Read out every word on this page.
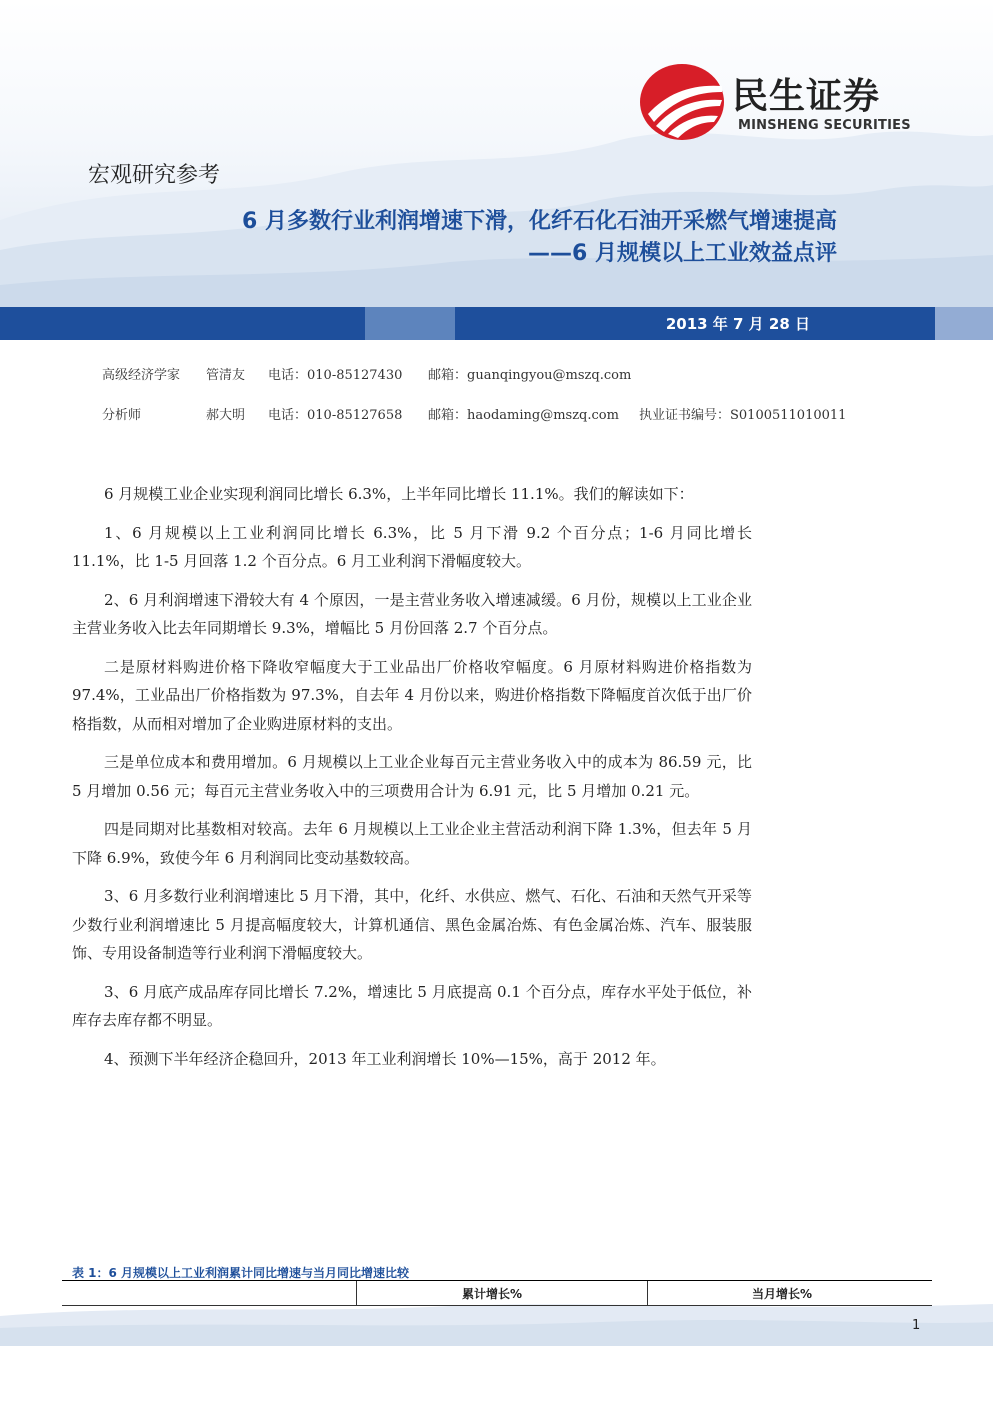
民生证券
MINSHENG SECURITIES
宏观研究参考
6 月多数行业利润增速下滑，化纤石化石油开采燃气增速提高
——6 月规模以上工业效益点评
2013 年 7 月 28 日
高级经济学家 管清友 电话：010-85127430 邮箱：guanqingyou@mszq.com
分析师	郝大明 电话：010-85127658 邮箱：haodaming@mszq.com 执业证书编号：S0100511010011

6 月规模工业企业实现利润同比增长 6.3%，上半年同比增长 11.1%。我们的解读如下：

1、6 月规模以上工业利润同比增长 6.3%，比 5 月下滑 9.2 个百分点；1-6 月同比增长 11.1%，比 1-5 月回落 1.2 个百分点。6 月工业利润下滑幅度较大。

2、6 月利润增速下滑较大有 4 个原因，一是主营业务收入增速减缓。6 月份，规模以上工业企业主营业务收入比去年同期增长 9.3%，增幅比 5 月份回落 2.7 个百分点。

二是原材料购进价格下降收窄幅度大于工业品出厂价格收窄幅度。6 月原材料购进价格指数为 97.4%，工业品出厂价格指数为 97.3%，自去年 4 月份以来，购进价格指数下降幅度首次低于出厂价格指数，从而相对增加了企业购进原材料的支出。

三是单位成本和费用增加。6 月规模以上工业企业每百元主营业务收入中的成本为 86.59 元，比 5 月增加 0.56 元；每百元主营业务收入中的三项费用合计为 6.91 元，比 5 月增加 0.21 元。

四是同期对比基数相对较高。去年 6 月规模以上工业企业主营活动利润下降 1.3%，但去年 5 月下降 6.9%，致使今年 6 月利润同比变动基数较高。

3、6 月多数行业利润增速比 5 月下滑，其中，化纤、水供应、燃气、石化、石油和天然气开采等少数行业利润增速比 5 月提高幅度较大，计算机通信、黑色金属冶炼、有色金属冶炼、汽车、服装服饰、专用设备制造等行业利润下滑幅度较大。

3、6 月底产成品库存同比增长 7.2%，增速比 5 月底提高 0.1 个百分点，库存水平处于低位，补库存去库存都不明显。

4、预测下半年经济企稳回升，2013 年工业利润增长 10%—15%，高于 2012 年。

表 1：6 月规模以上工业利润累计同比增速与当月同比增速比较
累计增长%	当月增长%
1
